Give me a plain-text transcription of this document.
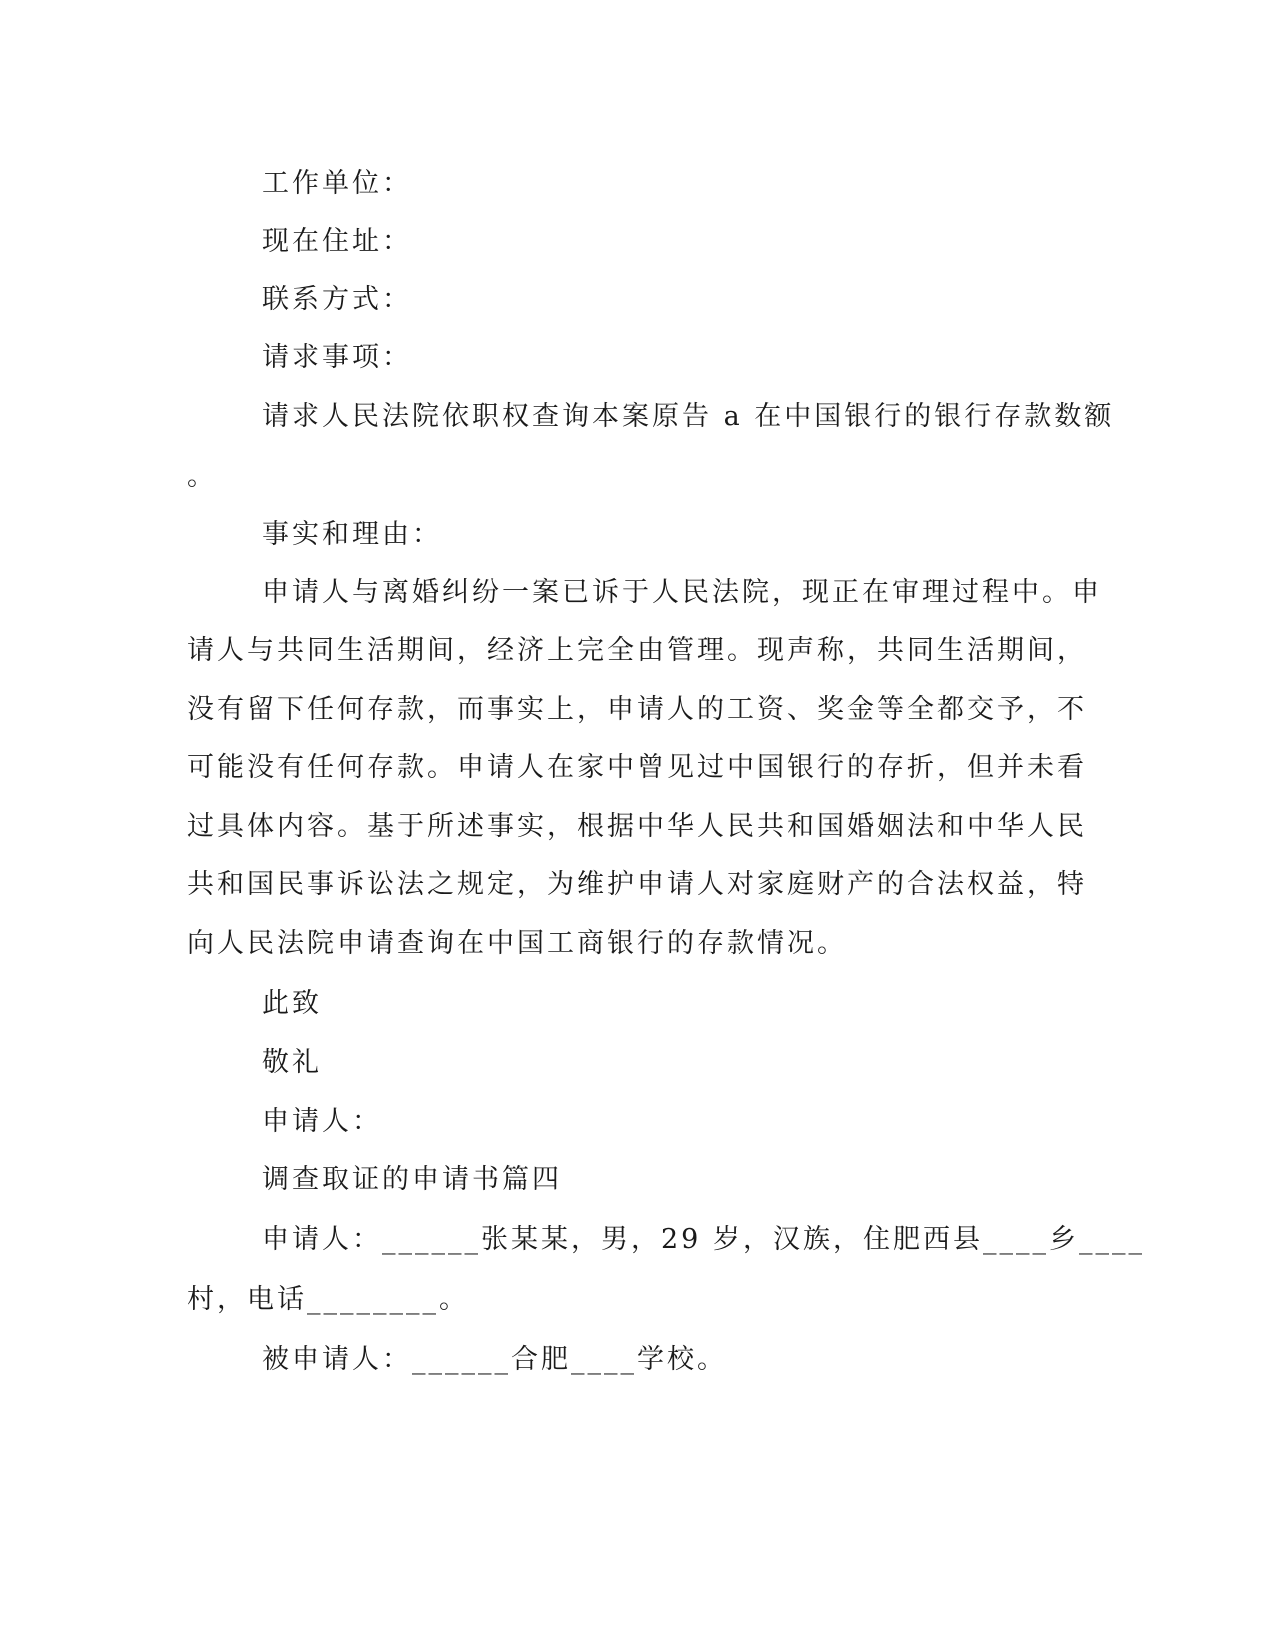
工作单位：
现在住址：
联系方式：
请求事项：
请求人民法院依职权查询本案原告 a 在中国银行的银行存款数额
。
事实和理由：
申请人与离婚纠纷一案已诉于人民法院，现正在审理过程中。申
请人与共同生活期间，经济上完全由管理。现声称，共同生活期间，
没有留下任何存款，而事实上，申请人的工资、奖金等全都交予，不
可能没有任何存款。申请人在家中曾见过中国银行的存折，但并未看
过具体内容。基于所述事实，根据中华人民共和国婚姻法和中华人民
共和国民事诉讼法之规定，为维护申请人对家庭财产的合法权益，特
向人民法院申请查询在中国工商银行的存款情况。
此致
敬礼
申请人：
调查取证的申请书篇四
申请人：______张某某，男，29 岁，汉族，住肥西县____乡____
村，电话________。
被申请人：______合肥____学校。
